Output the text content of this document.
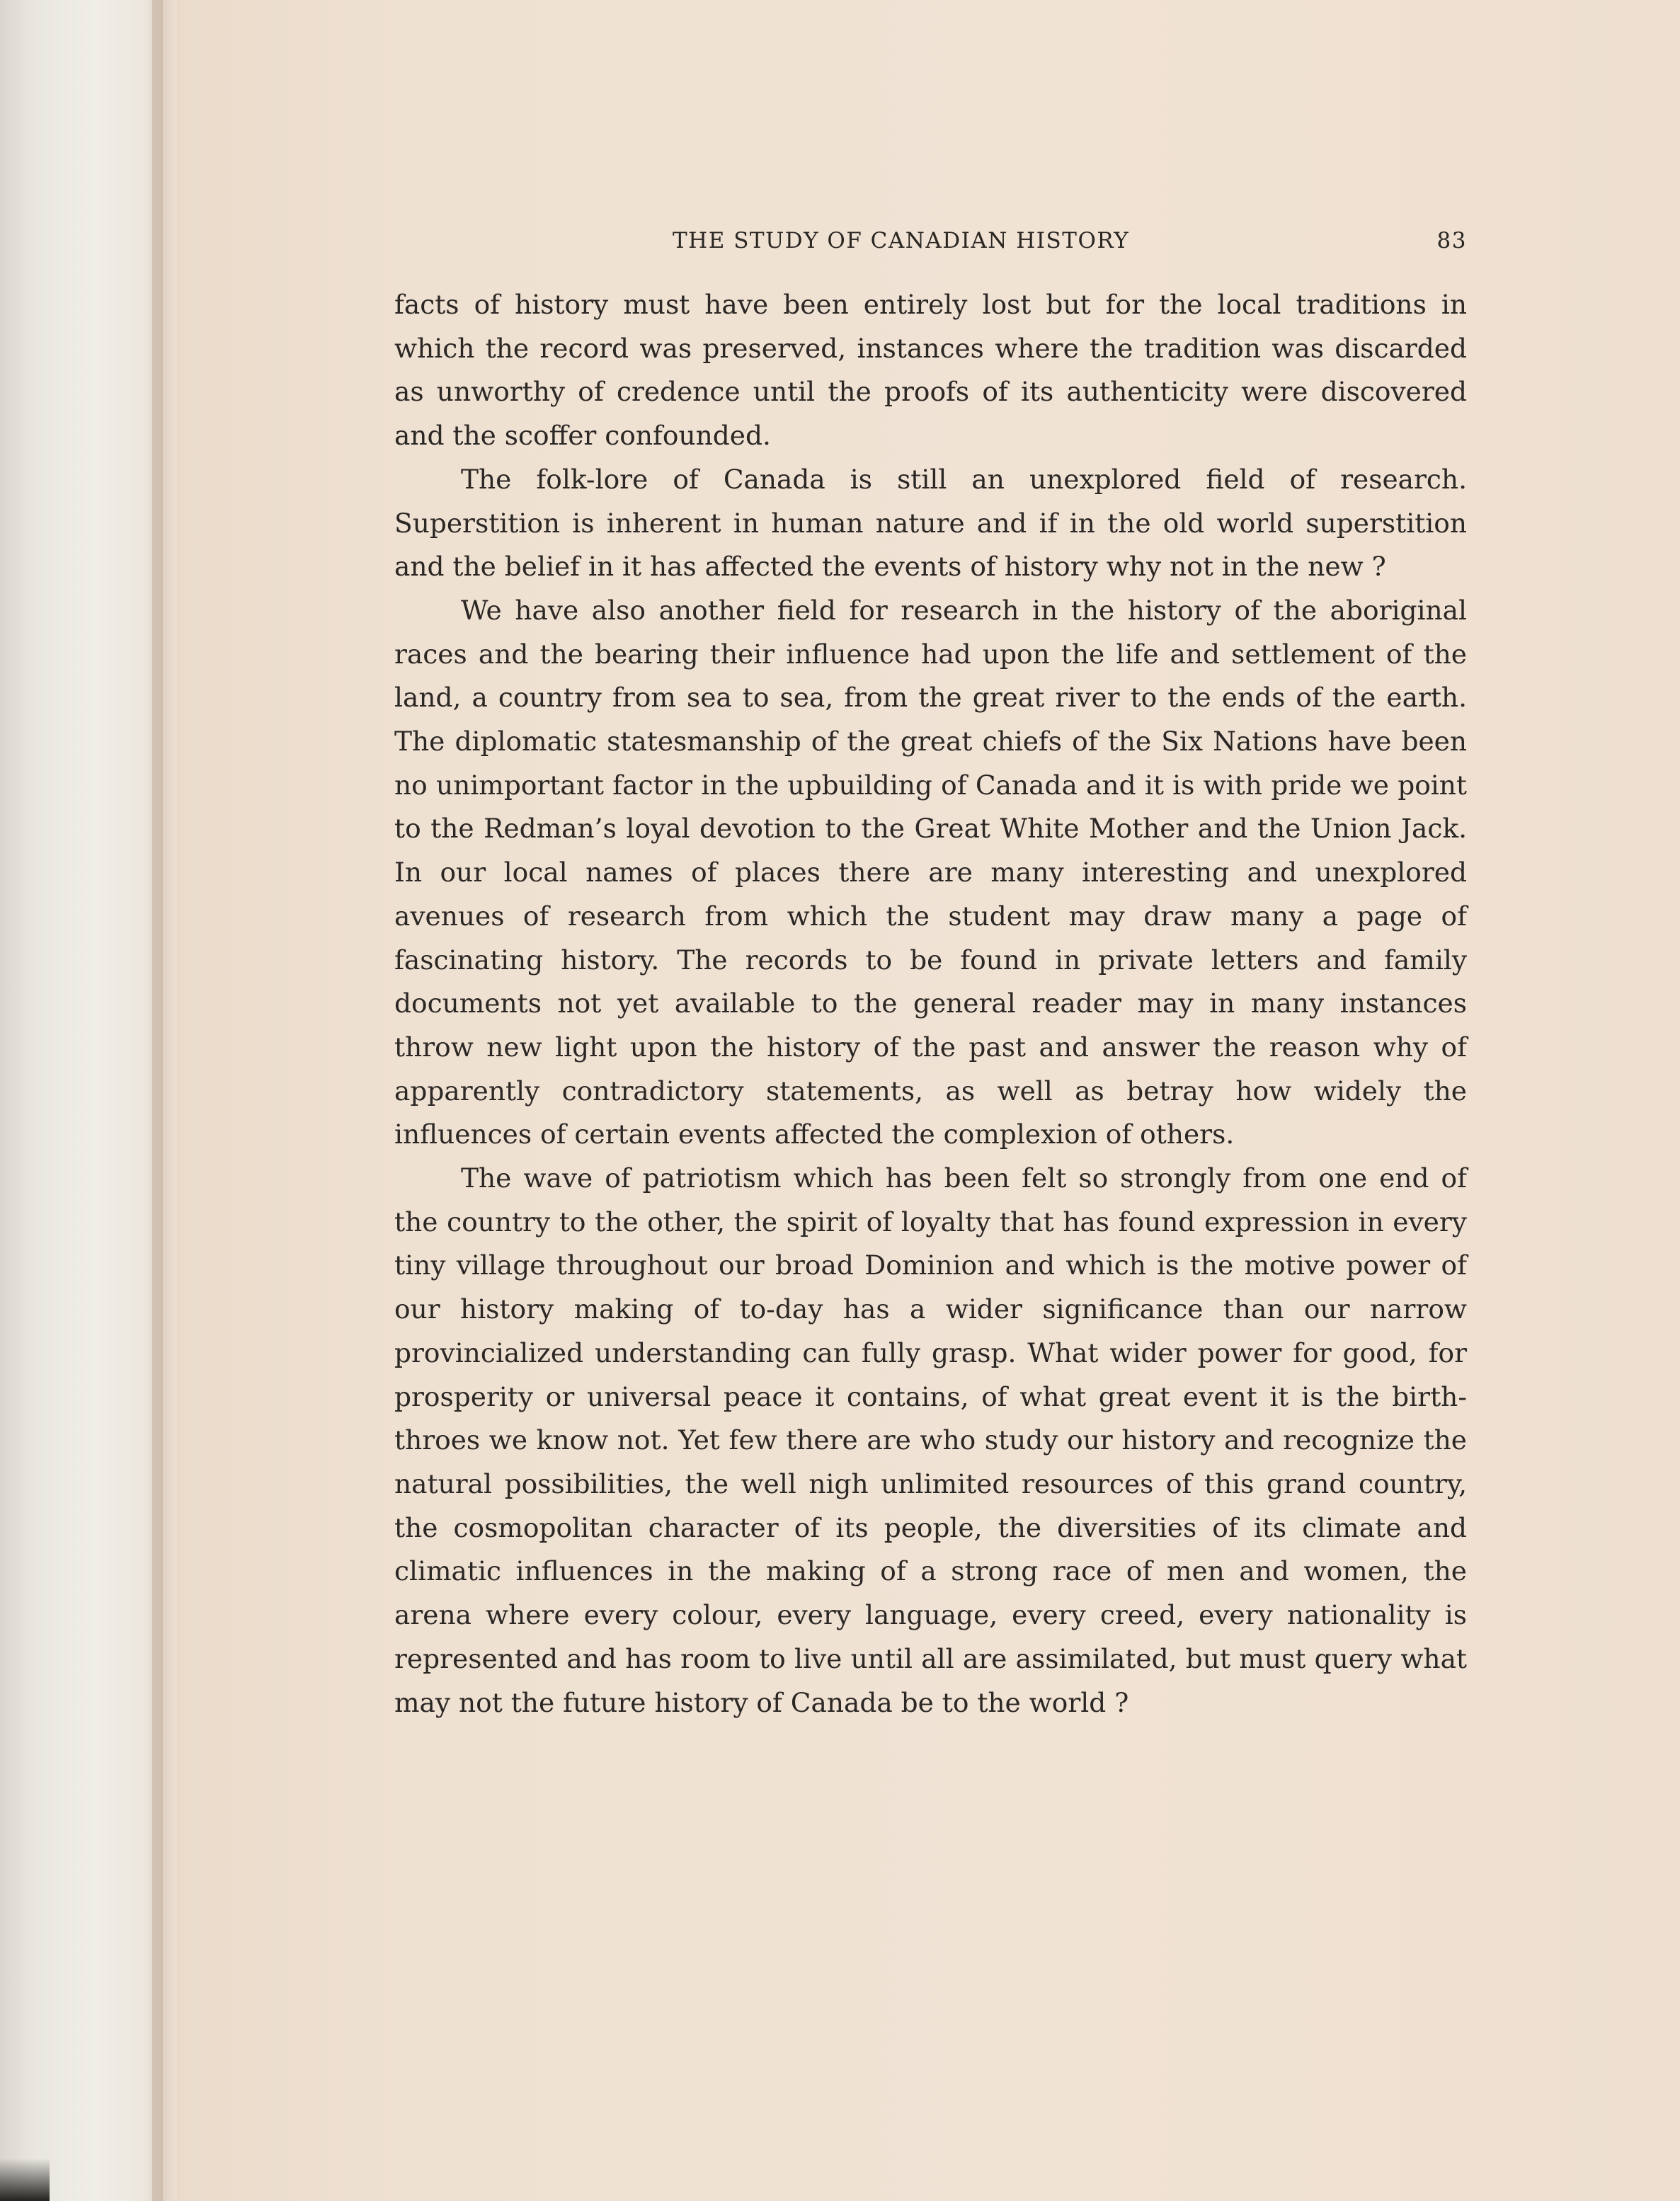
THE STUDY OF CANADIAN HISTORY	83

facts of history must have been entirely lost but for the local traditions in which the record was preserved, instances where the tradition was discarded as unworthy of credence until the proofs of its authenticity were discovered and the scoffer confounded.

The folk-lore of Canada is still an unexplored field of research. Superstition is inherent in human nature and if in the old world superstition and the belief in it has affected the events of history why not in the new ?

We have also another field for research in the history of the aboriginal races and the bearing their influence had upon the life and settlement of the land, a country from sea to sea, from the great river to the ends of the earth. The diplomatic statesmanship of the great chiefs of the Six Nations have been no unimportant factor in the upbuilding of Canada and it is with pride we point to the Redman’s loyal devotion to the Great White Mother and the Union Jack. In our local names of places there are many interesting and unexplored avenues of research from which the student may draw many a page of fascinating history. The records to be found in private letters and family documents not yet available to the general reader may in many instances throw new light upon the history of the past and answer the reason why of apparently contradictory statements, as well as betray how widely the influences of certain events affected the complexion of others.

The wave of patriotism which has been felt so strongly from one end of the country to the other, the spirit of loyalty that has found expression in every tiny village throughout our broad Dominion and which is the motive power of our history making of to-day has a wider significance than our narrow provincialized understanding can fully grasp. What wider power for good, for prosperity or universal peace it contains, of what great event it is the birth-throes we know not. Yet few there are who study our history and recognize the natural possibilities, the well nigh unlimited resources of this grand country, the cosmopolitan character of its people, the diversities of its climate and climatic influences in the making of a strong race of men and women, the arena where every colour, every language, every creed, every nationality is represented and has room to live until all are assimilated, but must query what may not the future history of Canada be to the world ?
